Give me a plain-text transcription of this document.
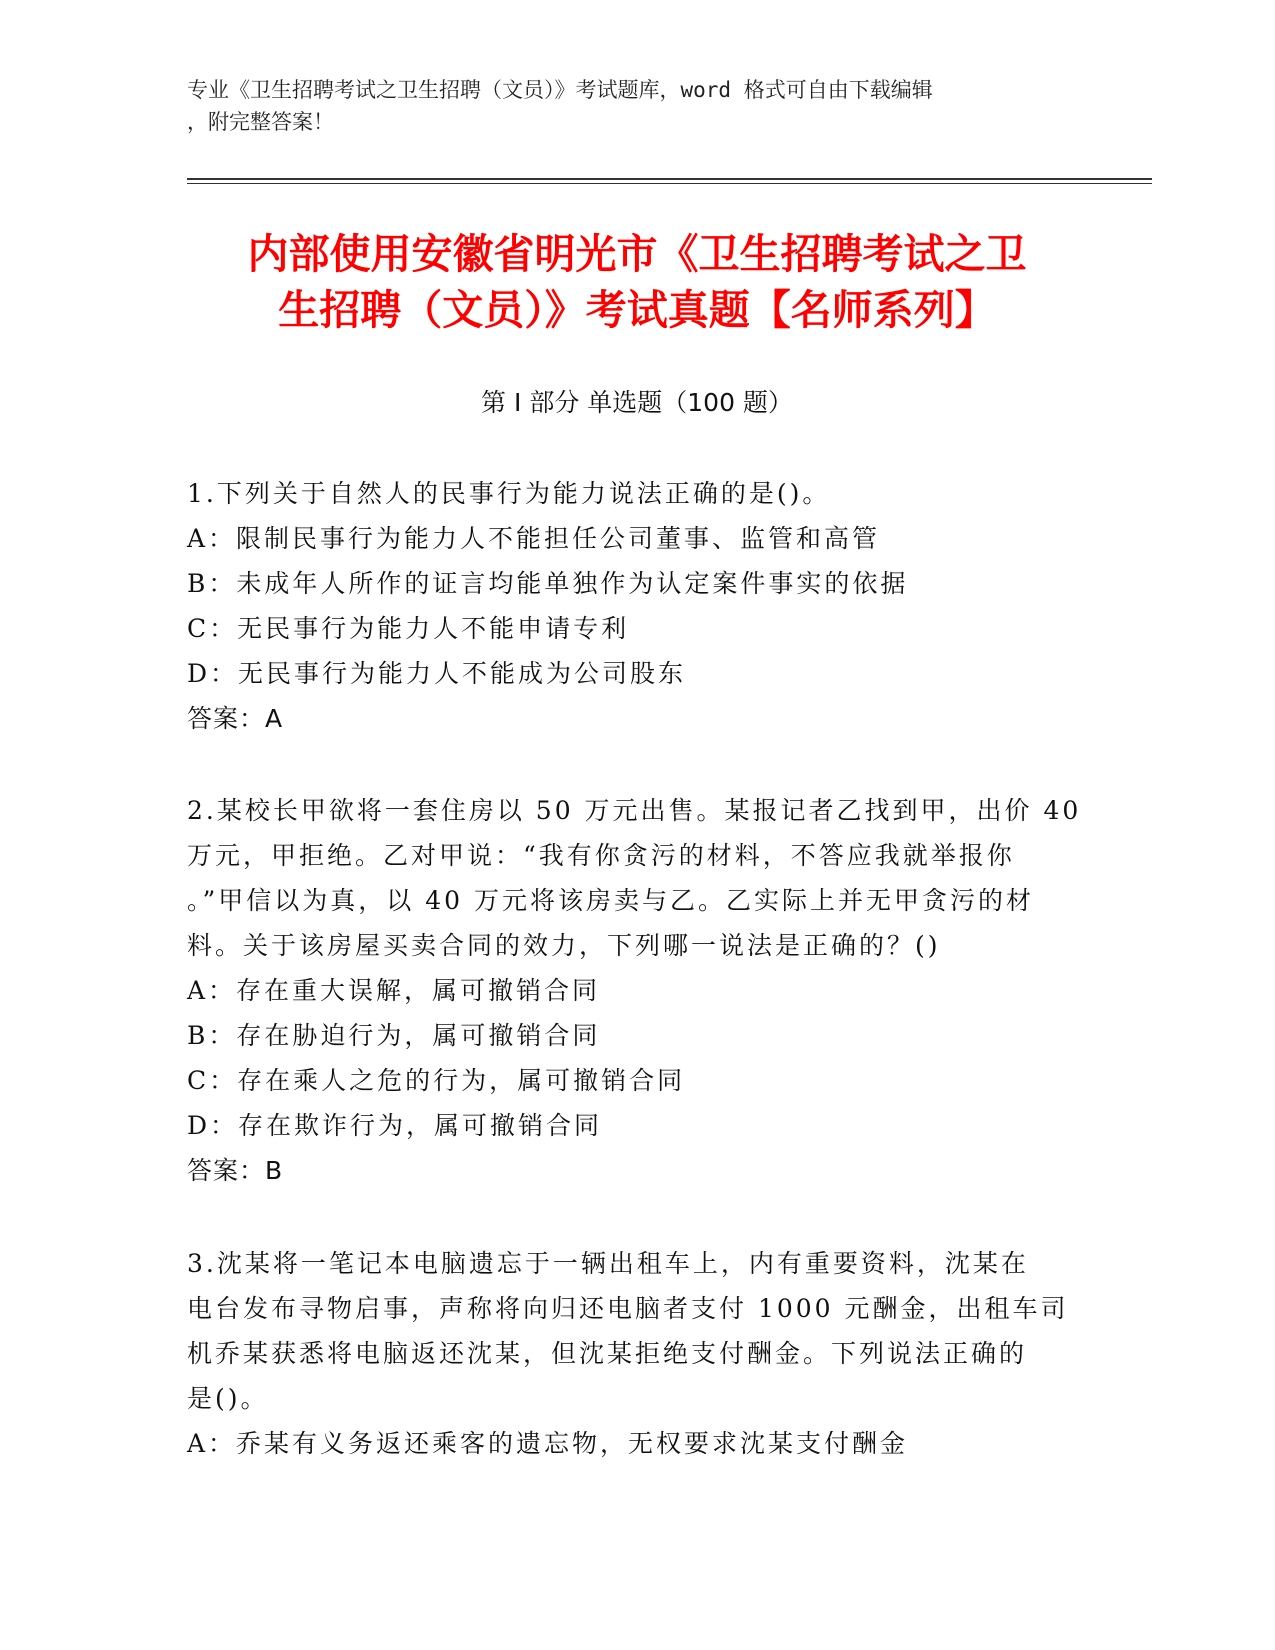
专业《卫生招聘考试之卫生招聘（文员）》考试题库，word 格式可自由下载编辑
，附完整答案！
内部使用安徽省明光市《卫生招聘考试之卫
生招聘（文员）》考试真题【名师系列】
第 I 部分 单选题（100 题）

1.下列关于自然人的民事行为能力说法正确的是()。

A：限制民事行为能力人不能担任公司董事、监管和高管

B：未成年人所作的证言均能单独作为认定案件事实的依据

C：无民事行为能力人不能申请专利

D：无民事行为能力人不能成为公司股东

答案：A

2.某校长甲欲将一套住房以 50 万元出售。某报记者乙找到甲，出价 40

万元，甲拒绝。乙对甲说：“我有你贪污的材料，不答应我就举报你

。”甲信以为真，以 40 万元将该房卖与乙。乙实际上并无甲贪污的材

料。关于该房屋买卖合同的效力，下列哪一说法是正确的？()

A：存在重大误解，属可撤销合同

B：存在胁迫行为，属可撤销合同

C：存在乘人之危的行为，属可撤销合同

D：存在欺诈行为，属可撤销合同

答案：B

3.沈某将一笔记本电脑遗忘于一辆出租车上，内有重要资料，沈某在

电台发布寻物启事，声称将向归还电脑者支付 1000 元酬金，出租车司

机乔某获悉将电脑返还沈某，但沈某拒绝支付酬金。下列说法正确的

是()。

A：乔某有义务返还乘客的遗忘物，无权要求沈某支付酬金
